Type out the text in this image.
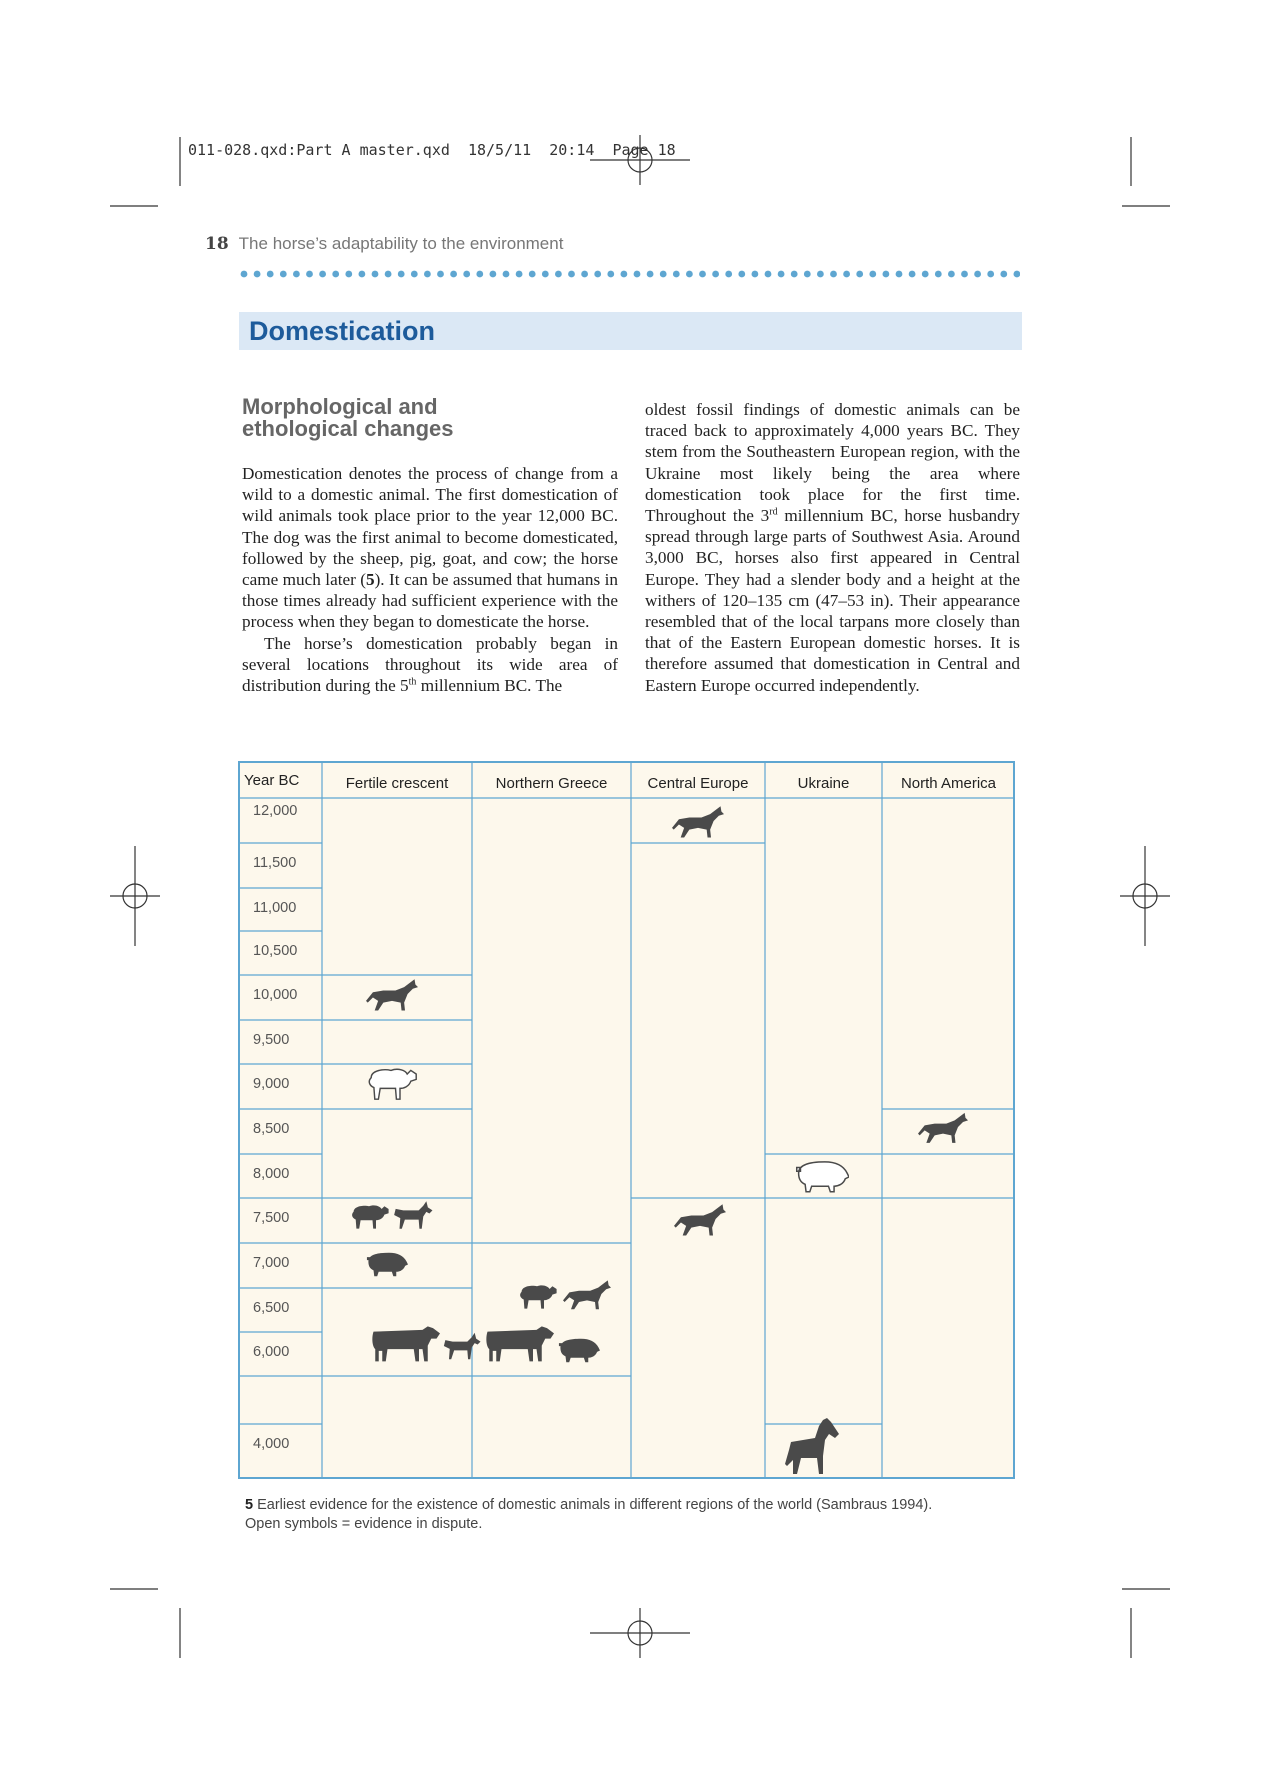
011-028.qxd:Part A master.qxd  18/5/11  20:14  Page 18
18 The horse’s adaptability to the environment
Domestication
Morphological and
ethological changes

Domestication denotes the process of change from a wild to a domestic animal. The first domestication of wild animals took place prior to the year 12,000 BC. The dog was the first animal to become domesticated, followed by the sheep, pig, goat, and cow; the horse came much later (5). It can be assumed that humans in those times already had sufficient experience with the process when they began to domesticate the horse.

The horse’s domestication probably began in several locations throughout its wide area of distribution during the 5th millennium BC. The

oldest fossil findings of domestic animals can be traced back to approximately 4,000 years BC. They stem from the Southeastern European region, with the Ukraine most likely being the area where domestication took place for the first time. Throughout the 3rd millennium BC, horse husbandry spread through large parts of Southwest Asia. Around 3,000 BC, horses also first appeared in Central Europe. They had a slender body and a height at the withers of 120–135 cm (47–53 in). Their appearance resembled that of the local tarpans more closely than that of the Eastern European domestic horses. It is therefore assumed that domestication in Central and Eastern Europe occurred independently.

Year BC	Fertile crescent	Northern Greece	Central Europe	Ukraine	North America
12,000
11,500
11,000
10,500
10,000
9,500
9,000
8,500
8,000
7,500
7,000
6,500
6,000
4,000
5 Earliest evidence for the existence of domestic animals in different regions of the world (Sambraus 1994).
Open symbols = evidence in dispute.
